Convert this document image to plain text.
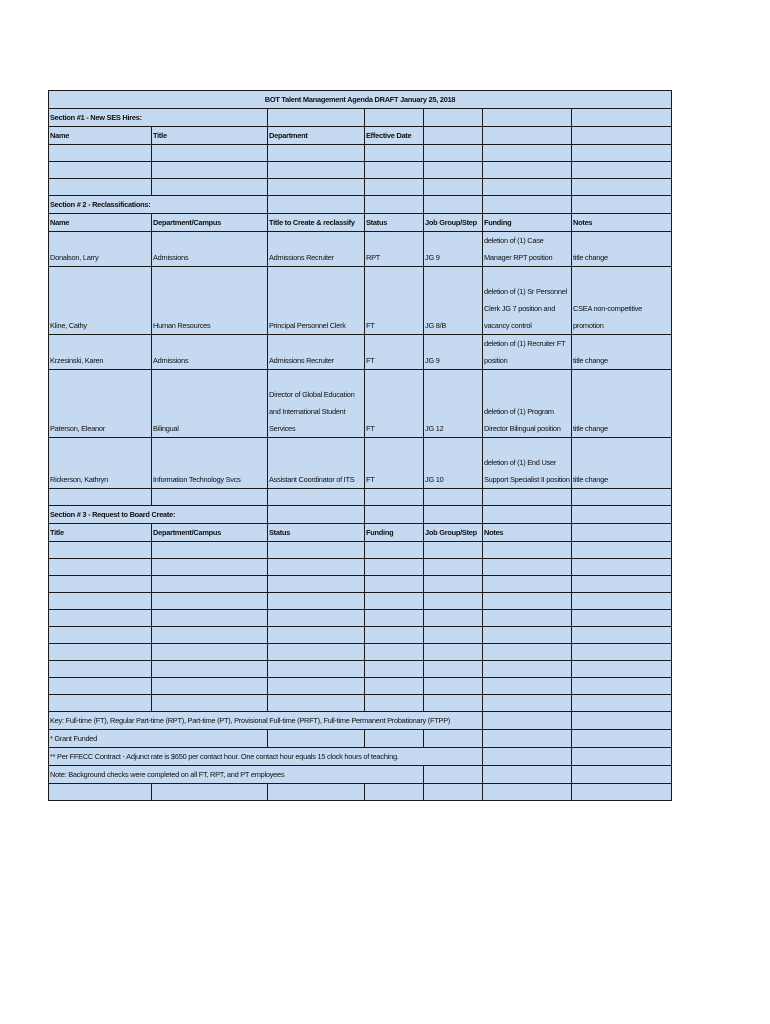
BOT Talent Management Agenda DRAFT January 25, 2018						
Section #1 - New SES Hires:						
Name	Title	Department	Effective Date			

Section # 2 - Reclassifications:						
Name	Department/Campus	Title to Create & reclassify	Status	Job Group/Step	Funding	Notes
Donalson, Larry	Admissions	Admissions Recruiter	RPT	JG 9	deletion of (1) Case Manager RPT position	title change
Kline, Cathy	Human Resources	Principal Personnel Clerk	FT	JG 8/B	deletion of (1) Sr Personnel Clerk JG 7 position and vacancy control	CSEA non-competitive promotion
Krzesinski, Karen	Admissions	Admissions Recruiter	FT	JG 9	deletion of (1) Recruiter FT position	title change
Paterson, Eleanor	Bilingual	Director of Global Education and International Student Services	FT	JG 12	deletion of (1) Program Director Bilingual position	title change
Rickerson, Kathryn	Information Technology Svcs	Assistant Coordinator of ITS	FT	JG 10	deletion of (1) End User Support Specialist II position	title change

Section # 3 - Request to Board Create:						
Title	Department/Campus	Status	Funding	Job Group/Step	Notes	

Key: Full-time (FT), Regular Part-time (RPT), Part-time (PT), Provisional Full-time (PRFT), Full-time Permanent Probationary (FTPP)						
* Grant Funded						
** Per FFECC Contract - Adjunct rate is $650 per contact hour. One contact hour equals 15 clock hours of teaching.						
Note: Background checks were completed on all FT, RPT, and PT employees						
